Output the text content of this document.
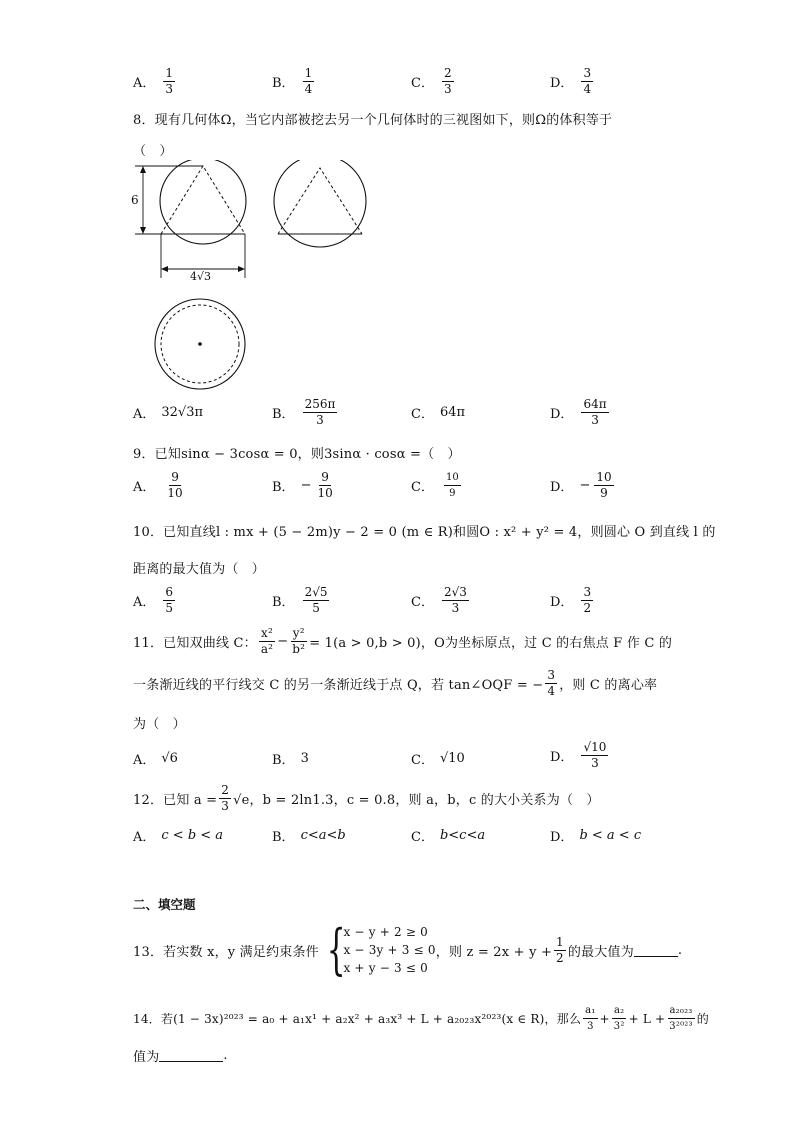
A． $\frac{1}{3}$	B． $\frac{1}{4}$	C． $\frac{2}{3}$	D． $\frac{3}{4}$
8．现有几何体Ω，当它内部被挖去另一个几何体时的三视图如下，则Ω的体积等于
（　）
6
4√3
A． 32√3π	B． $\frac{256\pi}{3}$	C． 64π	D． $\frac{64\pi}{3}$
9．已知sinα − 3cosα = 0，则3sinα · cosα =（　）
A． $\frac{9}{10}$	B． − $\frac{9}{10}$	C． $\frac{10}{9}$	D． − $\frac{10}{9}$
10．已知直线l : mx + (5 − 2m)y − 2 = 0 (m ∈ R)和圆O : x² + y² = 4，则圆心 O 到直线 l 的
距离的最大值为（　）
A． $\frac{6}{5}$	B． $\frac{2√5}{5}$	C． $\frac{2√3}{3}$	D． $\frac{3}{2}$
11．已知双曲线 C： $\frac{\text{x²}}{\text{a²}} - \frac{\text{y²}}{\text{b²}} = 1(a > 0,b > 0)$，O为坐标原点，过 C 的右焦点 F 作 C 的
一条渐近线的平行线交 C 的另一条渐近线于点 Q，若 tan∠OQF = − $\frac{3}{4}$ ，则 C 的离心率
为（　）
A． √6	B． 3	C． √10	D． $\frac{√10}{3}$
12．已知 $a = \frac{2}{3} √e$，b = 2ln1.3，c = 0.8，则 a，b，c 的大小关系为（　）
A． c < b < a	B． c<a<b	C． b<c<a	D． b < a < c
二、填空题
13．若实数 x，y 满足约束条件 {
x − y + 2 ≥ 0
x − 3y + 3 ≤ 0
x + y − 3 ≤ 0
，则 $z = 2x + y + \frac{1}{2}$ 的最大值为	.
14．若(1 − 3x)²⁰²³ = a₀ + a₁x¹ + a₂x² + a₃x³ + L + a₂₀₂₃x²⁰²³(x ∈ R)，那么 $\frac{\text{a₁}}{3} + \frac{\text{a₂}}{\text{3²}} + L + \frac{\text{a₂₀₂₃}}{\text{3²⁰²³}}$ 的
值为	.
